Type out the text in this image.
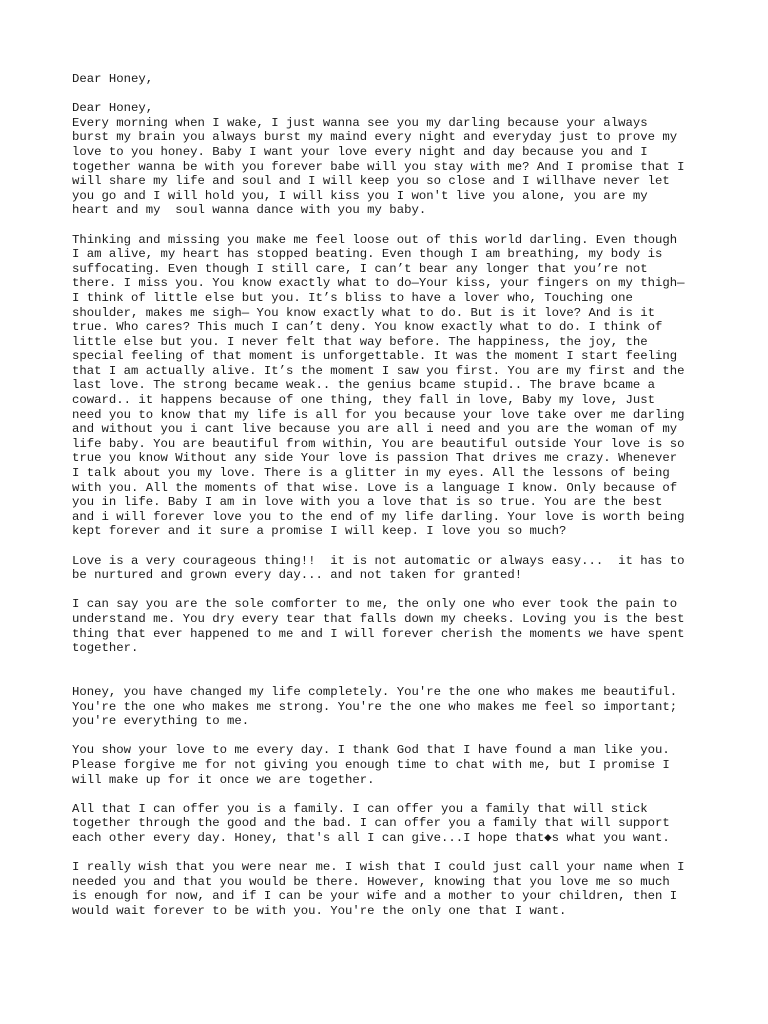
Dear Honey,
Dear Honey,
Every morning when I wake, I just wanna see you my darling because your always
burst my brain you always burst my maind every night and everyday just to prove my
love to you honey. Baby I want your love every night and day because you and I
together wanna be with you forever babe will you stay with me? And I promise that I
will share my life and soul and I will keep you so close and I willhave never let
you go and I will hold you, I will kiss you I won't live you alone, you are my
heart and my  soul wanna dance with you my baby.
Thinking and missing you make me feel loose out of this world darling. Even though
I am alive, my heart has stopped beating. Even though I am breathing, my body is
suffocating. Even though I still care, I can’t bear any longer that you’re not
there. I miss you. You know exactly what to do—Your kiss, your fingers on my thigh—
I think of little else but you. It’s bliss to have a lover who, Touching one
shoulder, makes me sigh— You know exactly what to do. But is it love? And is it
true. Who cares? This much I can’t deny. You know exactly what to do. I think of
little else but you. I never felt that way before. The happiness, the joy, the
special feeling of that moment is unforgettable. It was the moment I start feeling
that I am actually alive. It’s the moment I saw you first. You are my first and the
last love. The strong became weak.. the genius bcame stupid.. The brave bcame a
coward.. it happens because of one thing, they fall in love, Baby my love, Just
need you to know that my life is all for you because your love take over me darling
and without you i cant live because you are all i need and you are the woman of my
life baby. You are beautiful from within, You are beautiful outside Your love is so
true you know Without any side Your love is passion That drives me crazy. Whenever
I talk about you my love. There is a glitter in my eyes. All the lessons of being
with you. All the moments of that wise. Love is a language I know. Only because of
you in life. Baby I am in love with you a love that is so true. You are the best
and i will forever love you to the end of my life darling. Your love is worth being
kept forever and it sure a promise I will keep. I love you so much?
Love is a very courageous thing!!  it is not automatic or always easy...  it has to
be nurtured and grown every day... and not taken for granted!
I can say you are the sole comforter to me, the only one who ever took the pain to
understand me. You dry every tear that falls down my cheeks. Loving you is the best
thing that ever happened to me and I will forever cherish the moments we have spent
together.
Honey, you have changed my life completely. You're the one who makes me beautiful.
You're the one who makes me strong. You're the one who makes me feel so important;
you're everything to me.
You show your love to me every day. I thank God that I have found a man like you.
Please forgive me for not giving you enough time to chat with me, but I promise I
will make up for it once we are together.
All that I can offer you is a family. I can offer you a family that will stick
together through the good and the bad. I can offer you a family that will support
each other every day. Honey, that's all I can give...I hope that◆s what you want.
I really wish that you were near me. I wish that I could just call your name when I
needed you and that you would be there. However, knowing that you love me so much
is enough for now, and if I can be your wife and a mother to your children, then I
would wait forever to be with you. You're the only one that I want.
